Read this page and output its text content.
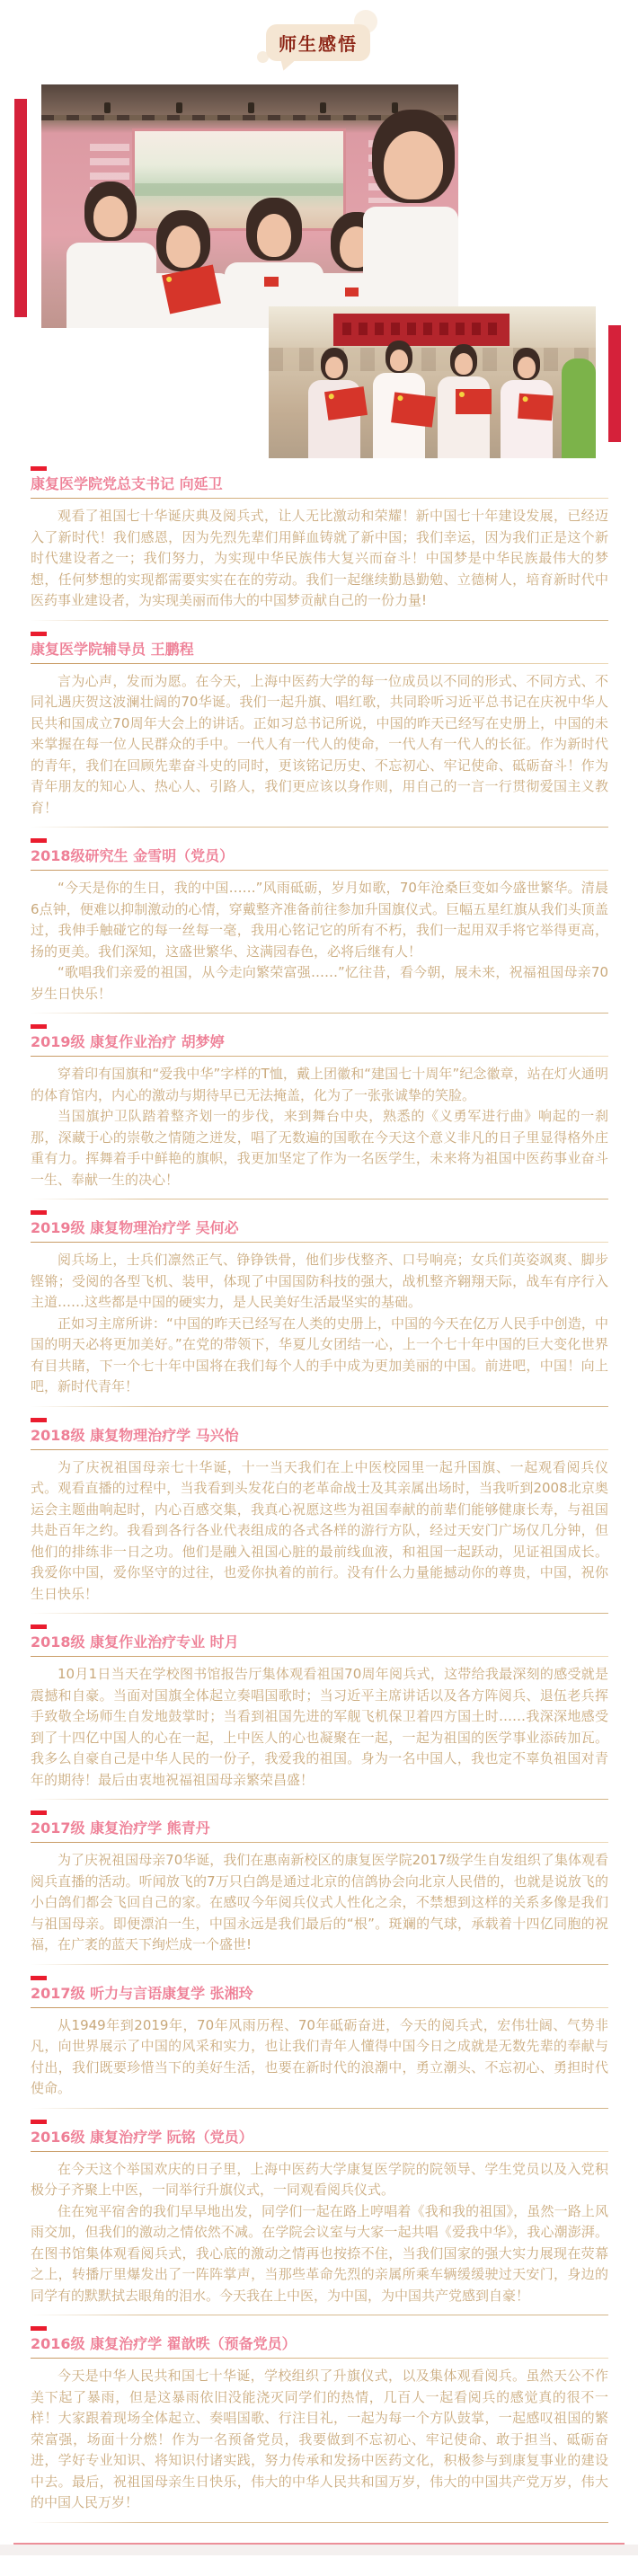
师生感悟
康复医学院党总支书记 向延卫

观看了祖国七十华诞庆典及阅兵式，让人无比激动和荣耀！新中国七十年建设发展，已经迈入了新时代！我们感恩，因为先烈先辈们用鲜血铸就了新中国；我们幸运，因为我们正是这个新时代建设者之一；我们努力，为实现中华民族伟大复兴而奋斗！中国梦是中华民族最伟大的梦想，任何梦想的实现都需要实实在在的劳动。我们一起继续勤恳勤勉、立德树人，培育新时代中医药事业建设者，为实现美丽而伟大的中国梦贡献自己的一份力量!

康复医学院辅导员 王鹏程

言为心声，发而为愿。在今天，上海中医药大学的每一位成员以不同的形式、不同方式、不同礼遇庆贺这波澜壮阔的70华诞。我们一起升旗、唱红歌，共同聆听习近平总书记在庆祝中华人民共和国成立70周年大会上的讲话。正如习总书记所说，中国的昨天已经写在史册上，中国的未来掌握在每一位人民群众的手中。一代人有一代人的使命，一代人有一代人的长征。作为新时代的青年，我们在回顾先辈奋斗史的同时，更该铭记历史、不忘初心、牢记使命、砥砺奋斗！作为青年朋友的知心人、热心人、引路人，我们更应该以身作则，用自己的一言一行贯彻爱国主义教育！

2018级研究生 金雪明（党员）

“今天是你的生日，我的中国……”风雨砥砺，岁月如歌，70年沧桑巨变如今盛世繁华。清晨6点钟，便难以抑制激动的心情，穿戴整齐准备前往参加升国旗仪式。巨幅五星红旗从我们头顶盖过，我伸手触碰它的每一丝每一毫，我用心铭记它的所有不朽，我们一起用双手将它举得更高，扬的更美。我们深知，这盛世繁华、这满园春色，必将后继有人！

“歌唱我们亲爱的祖国，从今走向繁荣富强……”忆往昔，看今朝，展未来，祝福祖国母亲70岁生日快乐！

2019级 康复作业治疗 胡梦婷

穿着印有国旗和“爱我中华”字样的T恤，戴上团徽和“建国七十周年”纪念徽章，站在灯火通明的体育馆内，内心的激动与期待早已无法掩盖，化为了一张张诚挚的笑脸。

当国旗护卫队踏着整齐划一的步伐，来到舞台中央，熟悉的《义勇军进行曲》响起的一刹那，深藏于心的崇敬之情随之迸发，唱了无数遍的国歌在今天这个意义非凡的日子里显得格外庄重有力。挥舞着手中鲜艳的旗帜，我更加坚定了作为一名医学生，未来将为祖国中医药事业奋斗一生、奉献一生的决心！

2019级 康复物理治疗学 吴何必

阅兵场上，士兵们凛然正气、铮铮铁骨，他们步伐整齐、口号响亮；女兵们英姿飒爽、脚步铿锵；受阅的各型飞机、装甲，体现了中国国防科技的强大，战机整齐翱翔天际，战车有序行入主道……这些都是中国的硬实力，是人民美好生活最坚实的基础。

正如习主席所讲：“中国的昨天已经写在人类的史册上，中国的今天在亿万人民手中创造，中国的明天必将更加美好。”在党的带领下，华夏儿女团结一心，上一个七十年中国的巨大变化世界有目共睹，下一个七十年中国将在我们每个人的手中成为更加美丽的中国。前进吧，中国！向上吧，新时代青年！

2018级 康复物理治疗学 马兴怡

为了庆祝祖国母亲七十华诞，十一当天我们在上中医校园里一起升国旗、一起观看阅兵仪式。观看直播的过程中，当我看到头发花白的老革命战士及其亲属出场时，当我听到2008北京奥运会主题曲响起时，内心百感交集，我真心祝愿这些为祖国奉献的前辈们能够健康长寿，与祖国共赴百年之约。我看到各行各业代表组成的各式各样的游行方队，经过天安门广场仅几分钟，但他们的排练非一日之功。他们是融入祖国心脏的最前线血液，和祖国一起跃动，见证祖国成长。我爱你中国，爱你坚守的过往，也爱你执着的前行。没有什么力量能撼动你的尊贵，中国，祝你生日快乐！

2018级 康复作业治疗专业 时月

10月1日当天在学校图书馆报告厅集体观看祖国70周年阅兵式，这带给我最深刻的感受就是震撼和自豪。当面对国旗全体起立奏唱国歌时；当习近平主席讲话以及各方阵阅兵、退伍老兵挥手致敬全场师生自发地鼓掌时；当看到祖国先进的军舰飞机保卫着四方国土时……我深深地感受到了十四亿中国人的心在一起，上中医人的心也凝聚在一起，一起为祖国的医学事业添砖加瓦。我多么自豪自己是中华人民的一份子，我爱我的祖国。身为一名中国人，我也定不辜负祖国对青年的期待！最后由衷地祝福祖国母亲繁荣昌盛！

2017级 康复治疗学 熊青丹

为了庆祝祖国母亲70华诞，我们在惠南新校区的康复医学院2017级学生自发组织了集体观看阅兵直播的活动。听闻放飞的7万只白鸽是通过北京的信鸽协会向北京人民借的，也就是说放飞的小白鸽们都会飞回自己的家。在感叹今年阅兵仪式人性化之余，不禁想到这样的关系多像是我们与祖国母亲。即便漂泊一生，中国永远是我们最后的“根”。斑斓的气球，承载着十四亿同胞的祝福，在广袤的蓝天下绚烂成一个盛世!

2017级 听力与言语康复学 张湘玲

从1949年到2019年，70年风雨历程、70年砥砺奋进，今天的阅兵式，宏伟壮阔、气势非凡，向世界展示了中国的风采和实力，也让我们青年人懂得中国今日之成就是无数先辈的奉献与付出，我们既要珍惜当下的美好生活，也要在新时代的浪潮中，勇立潮头、不忘初心、勇担时代使命。

2016级 康复治疗学 阮铭（党员）

在今天这个举国欢庆的日子里，上海中医药大学康复医学院的院领导、学生党员以及入党积极分子齐聚上中医，一同举行升旗仪式，一同观看阅兵仪式。

住在宛平宿舍的我们早早地出发，同学们一起在路上哼唱着《我和我的祖国》，虽然一路上风雨交加，但我们的激动之情依然不减。在学院会议室与大家一起共唱《爱我中华》，我心潮澎湃。在图书馆集体观看阅兵式，我心底的激动之情再也按捺不住，当我们国家的强大实力展现在荧幕之上，转播厅里爆发出了一阵阵掌声，当那些革命先烈的亲属所乘车辆缓缓驶过天安门，身边的同学有的默默拭去眼角的泪水。今天我在上中医，为中国，为中国共产党感到自豪！

2016级 康复治疗学 翟歆昳（预备党员）

今天是中华人民共和国七十华诞，学校组织了升旗仪式，以及集体观看阅兵。虽然天公不作美下起了暴雨，但是这暴雨依旧没能浇灭同学们的热情，几百人一起看阅兵的感觉真的很不一样！大家跟着现场全体起立、奏唱国歌、行注目礼，一起为每一个方队鼓掌，一起感叹祖国的繁荣富强，场面十分燃！作为一名预备党员，我要做到不忘初心、牢记使命、敢于担当、砥砺奋进，学好专业知识、将知识付诸实践，努力传承和发扬中医药文化，积极参与到康复事业的建设中去。最后，祝祖国母亲生日快乐，伟大的中华人民共和国万岁，伟大的中国共产党万岁，伟大的中国人民万岁！
